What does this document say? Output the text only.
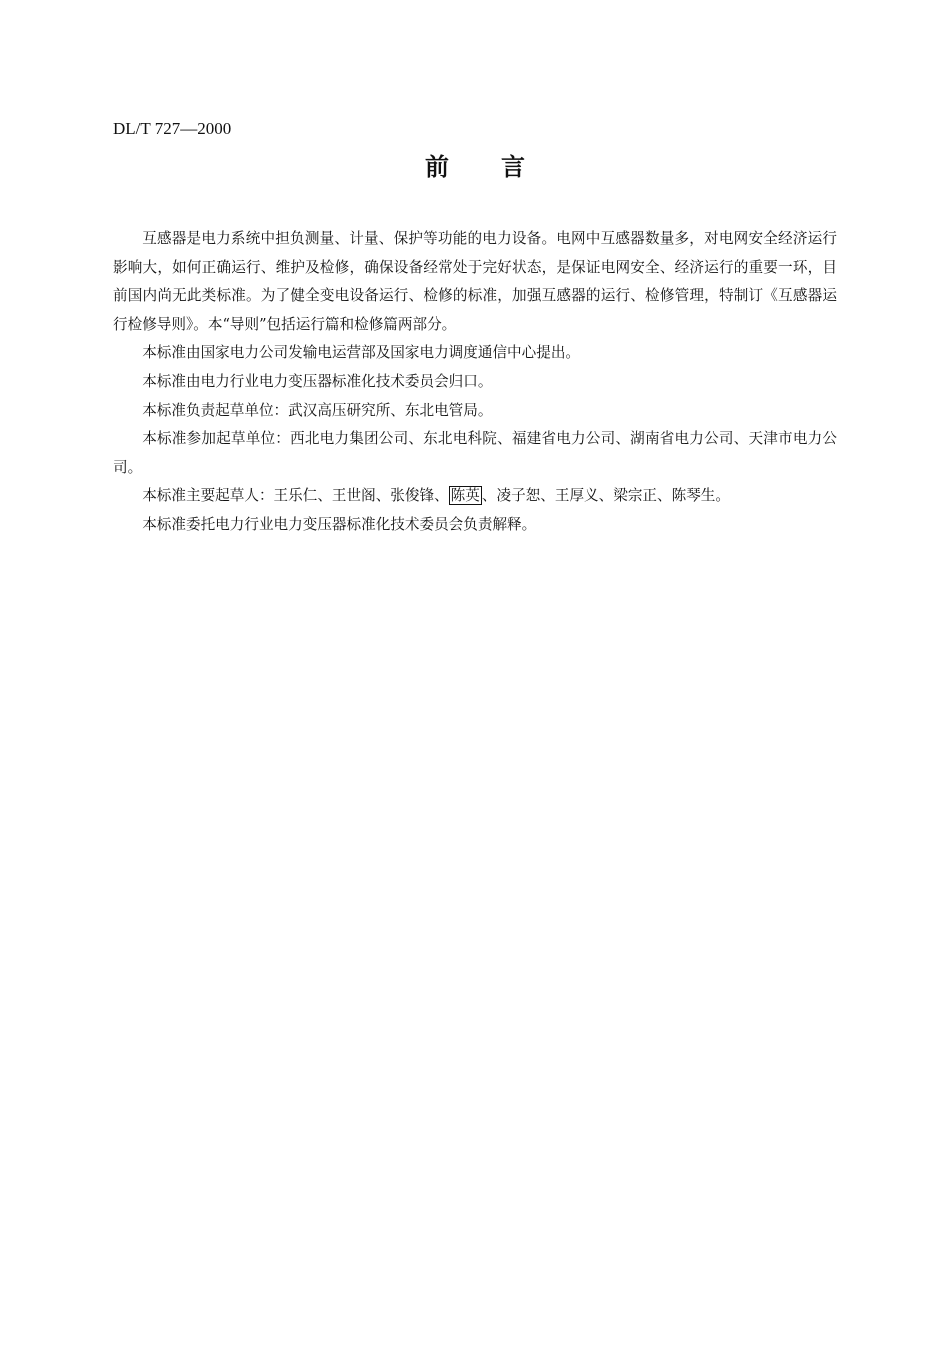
DL/T 727—2000
前 言

互感器是电力系统中担负测量、计量、保护等功能的电力设备。电网中互感器数量多，对电网安全经济运行影响大，如何正确运行、维护及检修，确保设备经常处于完好状态，是保证电网安全、经济运行的重要一环，目前国内尚无此类标准。为了健全变电设备运行、检修的标准，加强互感器的运行、检修管理，特制订《互感器运行检修导则》。本“导则”包括运行篇和检修篇两部分。

本标准由国家电力公司发输电运营部及国家电力调度通信中心提出。

本标准由电力行业电力变压器标准化技术委员会归口。

本标准负责起草单位：武汉高压研究所、东北电管局。

本标准参加起草单位：西北电力集团公司、东北电科院、福建省电力公司、湖南省电力公司、天津市电力公司。

本标准主要起草人：王乐仁、王世阁、张俊锋、 陈英 、凌子恕、王厚义、梁宗正、陈琴生。

本标准委托电力行业电力变压器标准化技术委员会负责解释。
